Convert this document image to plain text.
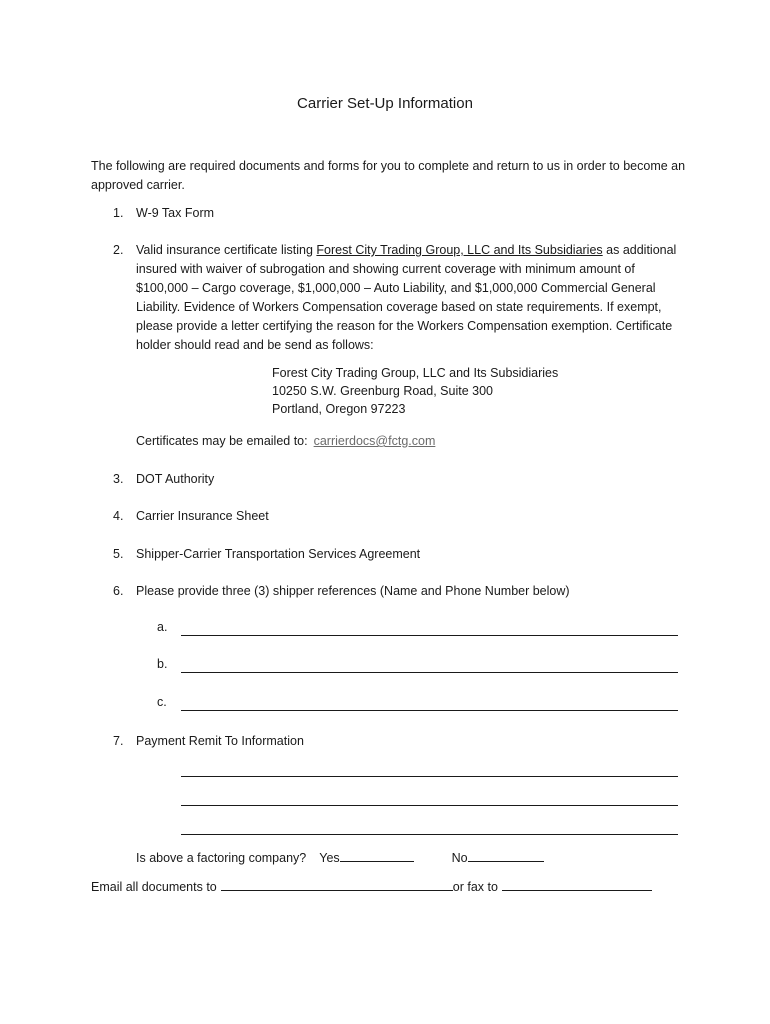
Carrier Set-Up Information
The following are required documents and forms for you to complete and return to us in order to become an approved carrier.
1.	W-9 Tax Form
2.	Valid insurance certificate listing Forest City Trading Group, LLC and Its Subsidiaries as additional insured with waiver of subrogation and showing current coverage with minimum amount of $100,000 – Cargo coverage, $1,000,000 – Auto Liability, and $1,000,000 Commercial General Liability. Evidence of Workers Compensation coverage based on state requirements. If exempt, please provide a letter certifying the reason for the Workers Compensation exemption. Certificate holder should read and be send as follows:
Forest City Trading Group, LLC and Its Subsidiaries
10250 S.W. Greenburg Road, Suite 300
Portland, Oregon 97223
Certificates may be emailed to: carrierdocs@fctg.com
3.	DOT Authority
4.	Carrier Insurance Sheet
5.	Shipper-Carrier Transportation Services Agreement
6.	Please provide three (3) shipper references (Name and Phone Number below)
a.
b.
c.
7.	Payment Remit To Information
Is above a factoring company? Yes	No
Email all documents to	or fax to
